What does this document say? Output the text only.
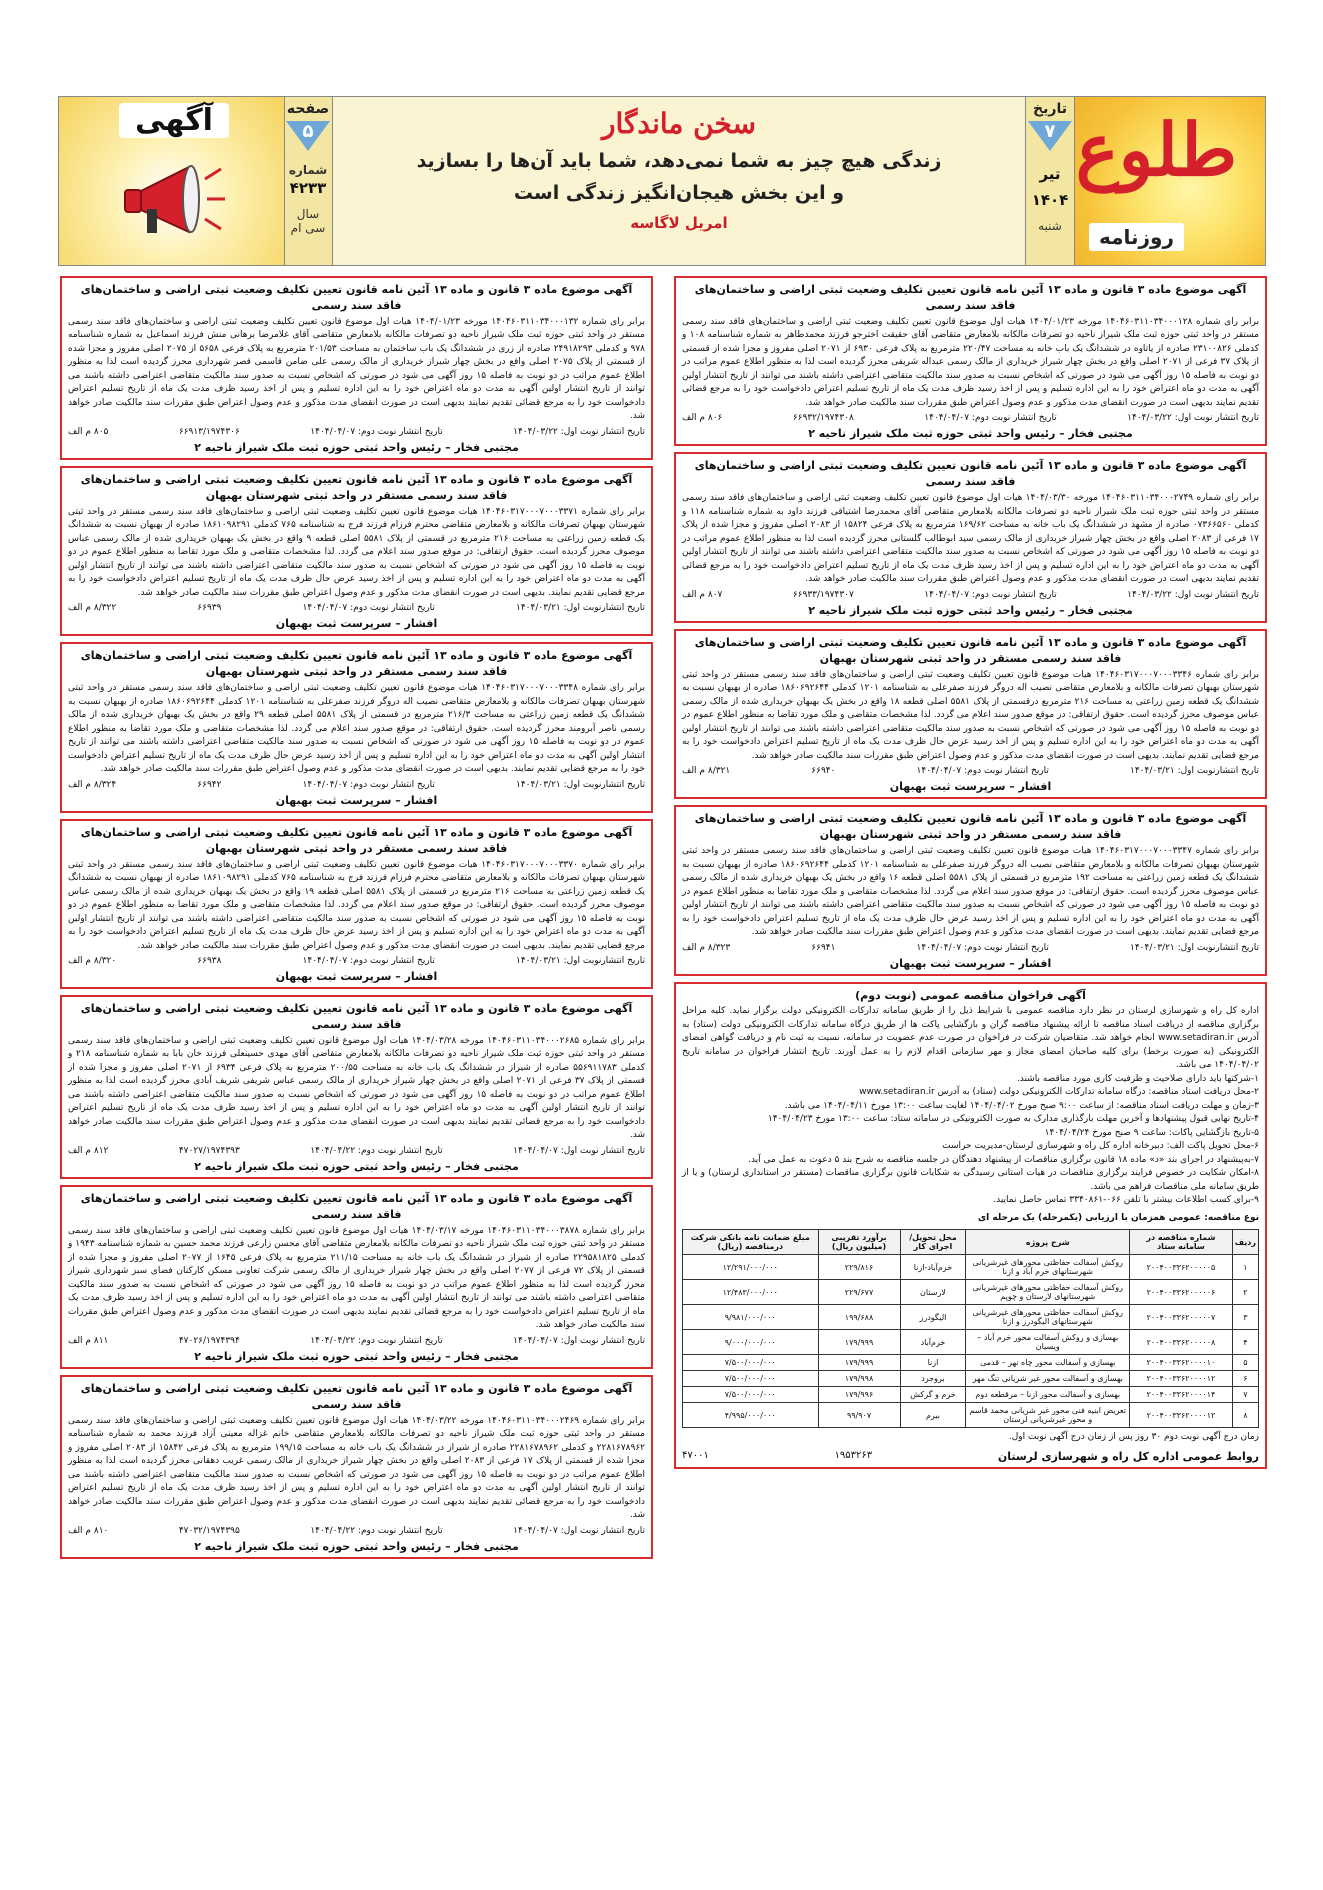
طلوع
روزنامه
تاریخ
۷
تیر
۱۴۰۴
شنبه
سخن ماندگار
زندگی هیچ چیز به شما نمی‌دهد، شما باید آن‌ها را بسازید
و این بخش هیجان‌انگیز زندگی است
امریل لاگاسه
صفحه
۵
شماره
۴۲۳۳
سال
سی ام
آگهی
آگهی موضوع ماده ۳ قانون و ماده ۱۳ آئین نامه قانون تعیین تکلیف وضعیت ثبتی اراضی و ساختمان‌های فاقد سند رسمی
برابر رای شماره ۱۴۰۴۶۰۳۱۱۰۳۴۰۰۰۱۲۸ مورخه ۱۴۰۴/۰۱/۲۳ هیات اول موضوع قانون تعیین تکلیف وضعیت ثبتی اراضی و ساختمان‌های فاقد سند رسمی مستقر در واحد ثبتی حوزه ثبت ملک شیراز ناحیه دو تصرفات مالکانه بلامعارض متقاضی آقای حقیقت اخترجو فرزند محمدطاهر به شماره شناسنامه ۱۰۸ و کدملی ۲۳۱۰۰۸۲۶ صادره از یاتاوه در ششدانگ یک باب خانه به مساحت ۲۲۰/۴۷ مترمربع به پلاک فرعی ۶۹۳۰ از ۲۰۷۱ اصلی مفروز و مجزا شده از قسمتی از پلاک ۳۷ فرعی از ۲۰۷۱ اصلی واقع در بخش چهار شیراز خریداری از مالک رسمی عبداله شریفی محرز گردیده است لذا به منظور اطلاع عموم مراتب در دو نوبت به فاصله ۱۵ روز آگهی می شود در صورتی که اشخاص نسبت به صدور سند مالکیت متقاضی اعتراضی داشته باشند می توانند از تاریخ انتشار اولین آگهی به مدت دو ماه اعتراض خود را به این اداره تسلیم و پس از اخذ رسید ظرف مدت یک ماه از تاریخ تسلیم اعتراض دادخواست خود را به مرجع قضائی تقدیم نمایند بدیهی است در صورت انقضای مدت مذکور و عدم وصول اعتراض طبق مقررات سند مالکیت صادر خواهد شد.
تاریخ انتشار نوبت اول: ۱۴۰۴/۰۳/۲۲
تاریخ انتشار نوبت دوم: ۱۴۰۴/۰۴/۰۷
۶۶۹۳۲/۱۹۷۴۳۰۸
۸۰۶ م الف
مجتبی فخار – رئیس واحد ثبتی حوزه ثبت ملک شیراز ناحیه ۲
آگهی موضوع ماده ۳ قانون و ماده ۱۳ آئین نامه قانون تعیین تکلیف وضعیت ثبتی اراضی و ساختمان‌های فاقد سند رسمی
برابر رای شماره ۱۴۰۴۶۰۳۱۱۰۳۴۰۰۰۲۷۴۹ مورخه ۱۴۰۴/۰۳/۳۰ هیات اول موضوع قانون تعیین تکلیف وضعیت ثبتی اراضی و ساختمان‌های فاقد سند رسمی مستقر در واحد ثبتی حوزه ثبت ملک شیراز ناحیه دو تصرفات مالکانه بلامعارض متقاضی آقای محمدرضا اشتیاقی فرزند داود به شماره شناسنامه ۱۱۸ و کدملی ۰۷۳۶۶۵۶۰ صادره از مشهد در ششدانگ یک باب خانه به مساحت ۱۶۹/۶۲ مترمربع به پلاک فرعی ۱۵۸۲۴ از ۲۰۸۳ اصلی مفروز و مجزا شده از پلاک ۱۷ فرعی از ۲۰۸۳ اصلی واقع در بخش چهار شیراز خریداری از مالک رسمی سید ابوطالب گلستانی محرز گردیده است لذا به منظور اطلاع عموم مراتب در دو نوبت به فاصله ۱۵ روز آگهی می شود در صورتی که اشخاص نسبت به صدور سند مالکیت متقاضی اعتراضی داشته باشند می توانند از تاریخ انتشار اولین آگهی به مدت دو ماه اعتراض خود را به این اداره تسلیم و پس از اخذ رسید ظرف مدت یک ماه از تاریخ تسلیم اعتراض دادخواست خود را به مرجع قضائی تقدیم نمایند بدیهی است در صورت انقضای مدت مذکور و عدم وصول اعتراض طبق مقررات سند مالکیت صادر خواهد شد.
تاریخ انتشار نوبت اول: ۱۴۰۴/۰۳/۲۲
تاریخ انتشار نوبت دوم: ۱۴۰۴/۰۴/۰۷
۶۶۹۳۳/۱۹۷۴۳۰۷
۸۰۷ م الف
مجتبی فخار – رئیس واحد ثبتی حوزه ثبت ملک شیراز ناحیه ۲
آگهی موضوع ماده ۳ قانون و ماده ۱۳ آئین نامه قانون تعیین تکلیف وضعیت ثبتی اراضی و ساختمان‌های فاقد سند رسمی مستقر در واحد ثبتی شهرستان بهبهان
برابر رای شماره ۱۴۰۴۶۰۳۱۷۰۰۰۷۰۰۰۳۳۴۶ هیات موضوع قانون تعیین تکلیف وضعیت ثبتی اراضی و ساختمان‌های فاقد سند رسمی مستقر در واحد ثبتی شهرستان بهبهان تصرفات مالکانه و بلامعارض متقاضی نصیب اله دروگر فرزند صفرعلی به شناسنامه ۱۲۰۱ کدملی ۱۸۶۰۶۹۲۶۴۴ صادره از بهبهان نسبت به ششدانگ یک قطعه زمین زراعتی به مساحت ۲۱۶ مترمربع درقسمتی از پلاک ۵۵۸۱ اصلی قطعه ۱۸ واقع در بخش یک بهبهان خریداری شده از مالک رسمی عباس موصوف محرز گردیده است. حقوق ارتفاقی: در موقع صدور سند اعلام می گردد. لذا مشخصات متقاضی و ملک مورد تقاضا به منظور اطلاع عموم در دو نوبت به فاصله ۱۵ روز آگهی می شود در صورتی که اشخاص نسبت به صدور سند مالکیت متقاضی اعتراضی داشته باشند می توانند از تاریخ انتشار اولین آگهی به مدت دو ماه اعتراض خود را به این اداره تسلیم و پس از اخذ رسید عرض حال ظرف مدت یک ماه از تاریخ تسلیم اعتراض دادخواست خود را به مرجع قضایی تقدیم نمایند. بدیهی است در صورت انقضای مدت مذکور و عدم وصول اعتراض طبق مقررات سند مالکیت صادر خواهد شد.
تاریخ انتشارنوبت اول: ۱۴۰۴/۰۳/۲۱
تاریخ انتشار نوبت دوم: ۱۴۰۴/۰۴/۰۷
۶۶۹۴۰
۸/۳۲۱ م الف
افشار – سرپرست ثبت بهبهان
آگهی موضوع ماده ۳ قانون و ماده ۱۳ آئین نامه قانون تعیین تکلیف وضعیت ثبتی اراضی و ساختمان‌های فاقد سند رسمی مستقر در واحد ثبتی شهرستان بهبهان
برابر رای شماره ۱۴۰۴۶۰۳۱۷۰۰۰۷۰۰۰۳۳۴۷ هیات موضوع قانون تعیین تکلیف وضعیت ثبتی اراضی و ساختمان‌های فاقد سند رسمی مستقر در واحد ثبتی شهرستان بهبهان تصرفات مالکانه و بلامعارض متقاضی نصیب اله دروگر فرزند صفرعلی به شناسنامه ۱۲۰۱ کدملی ۱۸۶۰۶۹۲۶۴۴ صادره از بهبهان نسبت به ششدانگ یک قطعه زمین زراعتی به مساحت ۱۹۲ مترمربع در قسمتی از پلاک ۵۵۸۱ اصلی قطعه ۱۶ واقع در بخش یک بهبهان خریداری شده از مالک رسمی عباس موصوف محرز گردیده است. حقوق ارتفاقی: در موقع صدور سند اعلام می گردد. لذا مشخصات متقاضی و ملک مورد تقاضا به منظور اطلاع عموم در دو نوبت به فاصله ۱۵ روز آگهی می شود در صورتی که اشخاص نسبت به صدور سند مالکیت متقاضی اعتراضی داشته باشند می توانند از تاریخ انتشار اولین آگهی به مدت دو ماه اعتراض خود را به این اداره تسلیم و پس از اخذ رسید عرض حال ظرف مدت یک ماه از تاریخ تسلیم اعتراض دادخواست خود را به مرجع قضایی تقدیم نمایند. بدیهی است در صورت انقضای مدت مذکور و عدم وصول اعتراض طبق مقررات سند مالکیت صادر خواهد شد.
تاریخ انتشارنوبت اول: ۱۴۰۴/۰۳/۲۱
تاریخ انتشار نوبت دوم: ۱۴۰۴/۰۴/۰۷
۶۶۹۴۱
۸/۳۲۳ م الف
افشار – سرپرست ثبت بهبهان
آگهی فراخوان مناقصه عمومی (نوبت دوم)
اداره کل راه و شهرسازی لرستان در نظر دارد مناقصه عمومی با شرایط ذیل را از طریق سامانه تدارکات الکترونیکی دولت برگزار نماید. کلیه مراحل برگزاری مناقصه از دریافت اسناد مناقصه تا ارائه پیشنهاد مناقصه گران و بازگشایی پاکت ها از طریق درگاه سامانه تدارکات الکترونیکی دولت (ستاد) به آدرس www.setadiran.ir انجام خواهد شد. متقاضیان شرکت در فراخوان در صورت عدم عضویت در سامانه، نسبت به ثبت نام و دریافت گواهی امضای الکترونیکی (به صورت برخط) برای کلیه صاحبان امضای مجاز و مهر سازمانی اقدام لازم را به عمل آورند. تاریخ انتشار فراخوان در سامانه تاریخ ۱۴۰۴/۰۴/۰۲ می باشد.
۱-شرکتها باید دارای صلاحیت و ظرفیت کاری مورد مناقصه باشند.
۲-محل دریافت اسناد مناقصه: درگاه سامانه تدارکات الکترونیکی دولت (ستاد) به آدرس www.setadiran.ir
۳-زمان و مهلت دریافت اسناد مناقصه: از ساعت ۹:۰۰ صبح مورخ ۱۴۰۴/۰۴/۰۲ لغایت ساعت ۱۳:۰۰ مورخ ۱۴۰۴/۰۴/۱۱ می باشد.
۴-تاریخ نهایی قبول پیشنهادها و آخرین مهلت بارگذاری مدارک به صورت الکترونیکی در سامانه ستاد: ساعت ۱۳:۰۰ مورخ ۱۴۰۴/۰۴/۲۳
۵-تاریخ بازگشایی پاکات: ساعت ۹ صبح مورخ ۱۴۰۴/۰۴/۲۴
۶-محل تحویل پاکت الف: دبیرخانه اداره کل راه و شهرسازی لرستان-مدیریت حراست
۷-به‌پیشنهاد در اجرای بند «د» ماده ۱۸ قانون برگزاری مناقصات از پیشنهاد دهندگان در جلسه مناقصه به شرح بند ۵ دعوت به عمل می آید.
۸-امکان شکایت در خصوص فرایند برگزاری مناقصات در هیات استانی رسیدگی به شکایات قانون برگزاری مناقصات (مستقر در استانداری لرستان) و یا از طریق سامانه ملی مناقصات فراهم می باشد.
۹-برای کسب اطلاعات بیشتر با تلفن ۰۶۶-۳۳۴۰۸۶۱ تماس حاصل نمایید.
نوع مناقصه: عمومی همزمان با ارزیابی (یکمرحله) یک مرحله ای
ردیف	شماره مناقصه در سامانه ستاد	شرح پروژه	محل تحویل/اجرای کار	برآورد تقریبی (میلیون ریال)	مبلغ ضمانت نامه بانکی شرکت درمناقصه (ریال)
۱	۲۰۰۴۰۰۳۳۶۲۰۰۰۰۰۵	روکش آسفالت حفاظتی محورهای غیرشریانی شهرستانهای خرم آباد و ازنا	خرم‌آباد-ازنا	۲۲۹/۸۱۶	۱۲/۲۹۱/۰۰۰/۰۰۰
۲	۲۰۰۴۰۰۳۳۶۲۰۰۰۰۰۶	روکش آسفالت حفاظتی محورهای غیرشریانی شهرستانهای لارستان و چوپم	لارستان	۲۲۹/۶۷۷	۱۲/۴۸۳/۰۰۰/۰۰۰
۳	۲۰۰۴۰۰۳۳۶۲۰۰۰۰۰۷	روکش آسفالت حفاظتی محورهای غیرشریانی شهرستانهای الیگودرز و ازنا	الیگودرز	۱۹۹/۶۸۸	۹/۹۸۱/۰۰۰/۰۰۰
۴	۲۰۰۴۰۰۳۳۶۲۰۰۰۰۰۸	بهسازی و روکش آسفالت محور خرم آباد – ویسیان	خرم‌آباد	۱۷۹/۹۹۹	۹/۰۰۰/۰۰۰/۰۰۰
۵	۲۰۰۴۰۰۳۳۶۲۰۰۰۰۱۰	بهسازی و آسفالت محور چاه نهر – قدمی	ازنا	۱۷۹/۹۹۹	۷/۵۰۰/۰۰۰/۰۰۰
۶	۲۰۰۴۰۰۳۳۶۲۰۰۰۰۱۲	بهسازی و آسفالت محور غیر شریانی تنگ مهر	بروجرد	۱۷۹/۹۹۸	۷/۵۰۰/۰۰۰/۰۰۰
۷	۲۰۰۴۰۰۳۳۶۲۰۰۰۰۱۴	بهسازی و آسفالت محور ازنا – مرقطعه دوم	خرم و گرکش	۱۷۹/۹۹۶	۷/۵۰۰/۰۰۰/۰۰۰
۸	۲۰۰۴۰۰۳۳۶۲۰۰۰۰۱۲	تعریض ابنیه فنی محور غیر شریانی محمد قاسم و محور غیرشریانی لرستان	بیرم	۹۹/۹۰۷	۴/۹۹۵/۰۰۰/۰۰۰
زمان درج آگهی نوبت دوم ۳۰ روز پس از زمان درج آگهی نوبت اول.
روابط عمومی اداره کل راه و شهرسازی لرستان
۱۹۵۳۲۶۳
۴۷۰۰۱
آگهی موضوع ماده ۳ قانون و ماده ۱۳ آئین نامه قانون تعیین تکلیف وضعیت ثبتی اراضی و ساختمان‌های فاقد سند رسمی
برابر رای شماره ۱۴۰۴۶۰۳۱۱۰۳۴۰۰۰۱۳۲ مورخه ۱۴۰۴/۰۱/۲۳ هیات اول موضوع قانون تعیین تکلیف وضعیت ثبتی اراضی و ساختمان‌های فاقد سند رسمی مستقر در واحد ثبتی حوزه ثبت ملک شیراز ناحیه دو تصرفات مالکانه بلامعارض متقاضی آقای غلامرضا برهانی منش فرزند اسماعیل به شماره شناسنامه ۹۷۸ و کدملی ۲۴۹۱۸۲۹۳ صادره از زری در ششدانگ یک باب ساختمان به مساحت ۲۰۱/۵۳ مترمربع به پلاک فرعی ۵۶۵۸ از ۲۰۷۵ اصلی مفروز و مجزا شده از قسمتی از پلاک ۲۰۷۵ اصلی واقع در بخش چهار شیراز خریداری از مالک رسمی علی ضامن قاسمی قصر شهرداری محرز گردیده است لذا به منظور اطلاع عموم مراتب در دو نوبت به فاصله ۱۵ روز آگهی می شود در صورتی که اشخاص نسبت به صدور سند مالکیت متقاضی اعتراضی داشته باشند می توانند از تاریخ انتشار اولین آگهی به مدت دو ماه اعتراض خود را به این اداره تسلیم و پس از اخذ رسید ظرف مدت یک ماه از تاریخ تسلیم اعتراض دادخواست خود را به مرجع قضائی تقدیم نمایند بدیهی است در صورت انقضای مدت مذکور و عدم وصول اعتراض طبق مقررات سند مالکیت صادر خواهد شد.
تاریخ انتشار نوبت اول: ۱۴۰۴/۰۳/۲۲
تاریخ انتشار نوبت دوم: ۱۴۰۴/۰۴/۰۷
۶۶۹۱۳/۱۹۷۴۳۰۶
۸۰۵ م الف
مجتبی فخار – رئیس واحد ثبتی حوزه ثبت ملک شیراز ناحیه ۲
آگهی موضوع ماده ۳ قانون و ماده ۱۳ آئین نامه قانون تعیین تکلیف وضعیت ثبتی اراضی و ساختمان‌های فاقد سند رسمی مستقر در واحد ثبتی شهرستان بهبهان
برابر رای شماره ۱۴۰۴۶۰۳۱۷۰۰۰۷۰۰۰۳۳۷۱ هیات موضوع قانون تعیین تکلیف وضعیت ثبتی اراضی و ساختمان‌های فاقد سند رسمی مستقر در واحد ثبتی شهرستان بهبهان تصرفات مالکانه و بلامعارض متقاضی محترم فرزام فرزند فرج به شناسنامه ۷۶۵ کدملی ۱۸۶۱۰۹۸۲۹۱ صادره از بهبهان نسبت به ششدانگ یک قطعه زمین زراعتی به مساحت ۲۱۶ مترمربع در قسمتی از پلاک ۵۵۸۱ اصلی قطعه ۹ واقع در بخش یک بهبهان خریداری شده از مالک رسمی عباس موصوف محرز گردیده است. حقوق ارتفاقی: در موقع صدور سند اعلام می گردد. لذا مشخصات متقاضی و ملک مورد تقاضا به منظور اطلاع عموم در دو نوبت به فاصله ۱۵ روز آگهی می شود در صورتی که اشخاص نسبت به صدور سند مالکیت متقاضی اعتراضی داشته باشند می توانند از تاریخ انتشار اولین آگهی به مدت دو ماه اعتراض خود را به این اداره تسلیم و پس از اخذ رسید عرض حال ظرف مدت یک ماه از تاریخ تسلیم اعتراض دادخواست خود را به مرجع قضایی تقدیم نمایند. بدیهی است در صورت انقضای مدت مذکور و عدم وصول اعتراض طبق مقررات سند مالکیت صادر خواهد شد.
تاریخ انتشارنوبت اول: ۱۴۰۴/۰۳/۲۱
تاریخ انتشار نوبت دوم: ۱۴۰۴/۰۴/۰۷
۶۶۹۳۹
۸/۳۲۲ م الف
افشار – سرپرست ثبت بهبهان
آگهی موضوع ماده ۳ قانون و ماده ۱۳ آئین نامه قانون تعیین تکلیف وضعیت ثبتی اراضی و ساختمان‌های فاقد سند رسمی مستقر در واحد ثبتی شهرستان بهبهان
برابر رای شماره ۱۴۰۴۶۰۳۱۷۰۰۰۷۰۰۰۳۳۴۸ هیات موضوع قانون تعیین تکلیف وضعیت ثبتی اراضی و ساختمان‌های فاقد سند رسمی مستقر در واحد ثبتی شهرستان بهبهان تصرفات مالکانه و بلامعارض متقاضی نصیب اله دروگر فرزند صفرعلی به شناسنامه ۱۲۰۱ کدملی ۱۸۶۰۶۹۲۶۴۴ صادره از بهبهان نسبت به ششدانگ یک قطعه زمین زراعتی به مساحت ۲۱۶/۳ مترمربع در قسمتی از پلاک ۵۵۸۱ اصلی قطعه ۲۹ واقع در بخش یک بهبهان خریداری شده از مالک رسمی ناصر آبرومند محرز گردیده است. حقوق ارتفاقی: در موقع صدور سند اعلام می گردد. لذا مشخصات متقاضی و ملک مورد تقاضا به منظور اطلاع عموم در دو نوبت به فاصله ۱۵ روز آگهی می شود در صورتی که اشخاص نسبت به صدور سند مالکیت متقاضی اعتراضی داشته باشند می توانند از تاریخ انتشار اولین آگهی به مدت دو ماه اعتراض خود را به این اداره تسلیم و پس از اخذ رسید عرض حال ظرف مدت یک ماه از تاریخ تسلیم اعتراض دادخواست خود را به مرجع قضایی تقدیم نمایند. بدیهی است در صورت انقضای مدت مذکور و عدم وصول اعتراض طبق مقررات سند مالکیت صادر خواهد شد.
تاریخ انتشارنوبت اول: ۱۴۰۴/۰۳/۲۱
تاریخ انتشار نوبت دوم: ۱۴۰۴/۰۴/۰۷
۶۶۹۴۲
۸/۳۲۴ م الف
افشار – سرپرست ثبت بهبهان
آگهی موضوع ماده ۳ قانون و ماده ۱۳ آئین نامه قانون تعیین تکلیف وضعیت ثبتی اراضی و ساختمان‌های فاقد سند رسمی مستقر در واحد ثبتی شهرستان بهبهان
برابر رای شماره ۱۴۰۴۶۰۳۱۷۰۰۰۷۰۰۰۳۳۷۰ هیات موضوع قانون تعیین تکلیف وضعیت ثبتی اراضی و ساختمان‌های فاقد سند رسمی مستقر در واحد ثبتی شهرستان بهبهان تصرفات مالکانه و بلامعارض متقاضی محترم فرزام فرزند فرج به شناسنامه ۷۶۵ کدملی ۱۸۶۱۰۹۸۲۹۱ صادره از بهبهان نسبت به ششدانگ یک قطعه زمین زراعتی به مساحت ۲۱۶ مترمربع در قسمتی از پلاک ۵۵۸۱ اصلی قطعه ۱۹ واقع در بخش یک بهبهان خریداری شده از مالک رسمی عباس موصوف محرز گردیده است. حقوق ارتفاقی: در موقع صدور سند اعلام می گردد. لذا مشخصات متقاضی و ملک مورد تقاضا به منظور اطلاع عموم در دو نوبت به فاصله ۱۵ روز آگهی می شود در صورتی که اشخاص نسبت به صدور سند مالکیت متقاضی اعتراضی داشته باشند می توانند از تاریخ انتشار اولین آگهی به مدت دو ماه اعتراض خود را به این اداره تسلیم و پس از اخذ رسید عرض حال ظرف مدت یک ماه از تاریخ تسلیم اعتراض دادخواست خود را به مرجع قضایی تقدیم نمایند. بدیهی است در صورت انقضای مدت مذکور و عدم وصول اعتراض طبق مقررات سند مالکیت صادر خواهد شد.
تاریخ انتشارنوبت اول: ۱۴۰۴/۰۳/۲۱
تاریخ انتشار نوبت دوم: ۱۴۰۴/۰۴/۰۷
۶۶۹۳۸
۸/۳۲۰ م الف
افشار – سرپرست ثبت بهبهان
آگهی موضوع ماده ۳ قانون و ماده ۱۳ آئین نامه قانون تعیین تکلیف وضعیت ثبتی اراضی و ساختمان‌های فاقد سند رسمی
برابر رای شماره ۱۴۰۴۶۰۳۱۱۰۳۴۰۰۰۲۶۸۵ مورخه ۱۴۰۴/۰۳/۲۸ هیات اول موضوع قانون تعیین تکلیف وضعیت ثبتی اراضی و ساختمان‌های فاقد سند رسمی مستقر در واحد ثبتی حوزه ثبت ملک شیراز ناحیه دو تصرفات مالکانه بلامعارض متقاضی آقای مهدی حسینعلی فرزند خان بابا به شماره شناسنامه ۲۱۸ و کدملی ۵۵۶۹۱۱۷۸۳ صادره از شیراز در ششدانگ یک باب خانه به مساحت ۲۰۰/۵۵ مترمربع به پلاک فرعی ۶۹۳۴ از ۲۰۷۱ اصلی مفروز و مجزا شده از قسمتی از پلاک ۳۷ فرعی از ۲۰۷۱ اصلی واقع در بخش چهار شیراز خریداری از مالک رسمی عباس شریفی شریف آبادی محرز گردیده است لذا به منظور اطلاع عموم مراتب در دو نوبت به فاصله ۱۵ روز آگهی می شود در صورتی که اشخاص نسبت به صدور سند مالکیت متقاضی اعتراضی داشته باشند می توانند از تاریخ انتشار اولین آگهی به مدت دو ماه اعتراض خود را به این اداره تسلیم و پس از اخذ رسید ظرف مدت یک ماه از تاریخ تسلیم اعتراض دادخواست خود را به مرجع قضائی تقدیم نمایند بدیهی است در صورت انقضای مدت مذکور و عدم وصول اعتراض طبق مقررات سند مالکیت صادر خواهد شد.
تاریخ انتشار نوبت اول: ۱۴۰۴/۰۴/۰۷
تاریخ انتشار نوبت دوم: ۱۴۰۴/۰۴/۲۲
۴۷۰۲۷/۱۹۷۴۳۹۳
۸۱۲ م الف
مجتبی فخار – رئیس واحد ثبتی حوزه ثبت ملک شیراز ناحیه ۲
آگهی موضوع ماده ۳ قانون و ماده ۱۳ آئین نامه قانون تعیین تکلیف وضعیت ثبتی اراضی و ساختمان‌های فاقد سند رسمی
برابر رای شماره ۱۴۰۴۶۰۳۱۱۰۳۴۰۰۰۳۸۷۸ مورخه ۱۴۰۴/۰۳/۱۷ هیات اول موضوع قانون تعیین تکلیف وضعیت ثبتی اراضی و ساختمان‌های فاقد سند رسمی مستقر در واحد ثبتی حوزه ثبت ملک شیراز ناحیه دو تصرفات مالکانه بلامعارض متقاضی آقای محسن زارعی فرزند محمد حسین به شماره شناسنامه ۱۹۴۳ و کدملی ۲۲۹۵۸۱۸۲۵ صادره از شیراز در ششدانگ یک باب خانه به مساحت ۲۱۱/۱۵ مترمربع به پلاک فرعی ۱۶۴۵ از ۲۰۷۷ اصلی مفروز و مجزا شده از قسمتی از پلاک ۷۲ فرعی از ۲۰۷۷ اصلی واقع در بخش چهار شیراز خریداری از مالک رسمی شرکت تعاونی مسکن کارکنان فضای سبز شهرداری شیراز محرز گردیده است لذا به منظور اطلاع عموم مراتب در دو نوبت به فاصله ۱۵ روز آگهی می شود در صورتی که اشخاص نسبت به صدور سند مالکیت متقاضی اعتراضی داشته باشند می توانند از تاریخ انتشار اولین آگهی به مدت دو ماه اعتراض خود را به این اداره تسلیم و پس از اخذ رسید ظرف مدت یک ماه از تاریخ تسلیم اعتراض دادخواست خود را به مرجع قضائی تقدیم نمایند بدیهی است در صورت انقضای مدت مذکور و عدم وصول اعتراض طبق مقررات سند مالکیت صادر خواهد شد.
تاریخ انتشار نوبت اول: ۱۴۰۴/۰۴/۰۷
تاریخ انتشار نوبت دوم: ۱۴۰۴/۰۴/۲۲
۴۷۰۲۶/۱۹۷۴۳۹۴
۸۱۱ م الف
مجتبی فخار – رئیس واحد ثبتی حوزه ثبت ملک شیراز ناحیه ۲
آگهی موضوع ماده ۳ قانون و ماده ۱۳ آئین نامه قانون تعیین تکلیف وضعیت ثبتی اراضی و ساختمان‌های فاقد سند رسمی
برابر رای شماره ۱۴۰۴۶۰۳۱۱۰۳۴۰۰۰۲۴۶۹ مورخه ۱۴۰۴/۰۳/۲۲ هیات اول موضوع قانون تعیین تکلیف وضعیت ثبتی اراضی و ساختمان‌های فاقد سند رسمی مستقر در واحد ثبتی حوزه ثبت ملک شیراز ناحیه دو تصرفات مالکانه بلامعارض متقاضی خانم غزاله معینی آزاد فرزند محمد به شماره شناسنامه ۲۲۸۱۶۷۸۹۶۲ و کدملی ۲۲۸۱۶۷۸۹۶۲ صادره از شیراز در ششدانگ یک باب خانه به مساحت ۱۹۹/۱۵ مترمربع به پلاک فرعی ۱۵۸۴۲ از ۲۰۸۳ اصلی مفروز و مجزا شده از قسمتی از پلاک ۱۷ فرعی از ۲۰۸۳ اصلی واقع در بخش چهار شیراز خریداری از مالک رسمی غریب دهقانی محرز گردیده است لذا به منظور اطلاع عموم مراتب در دو نوبت به فاصله ۱۵ روز آگهی می شود در صورتی که اشخاص نسبت به صدور سند مالکیت متقاضی اعتراضی داشته باشند می توانند از تاریخ انتشار اولین آگهی به مدت دو ماه اعتراض خود را به این اداره تسلیم و پس از اخذ رسید ظرف مدت یک ماه از تاریخ تسلیم اعتراض دادخواست خود را به مرجع قضائی تقدیم نمایند بدیهی است در صورت انقضای مدت مذکور و عدم وصول اعتراض طبق مقررات سند مالکیت صادر خواهد شد.
تاریخ انتشار نوبت اول: ۱۴۰۴/۰۴/۰۷
تاریخ انتشار نوبت دوم: ۱۴۰۴/۰۴/۲۲
۴۷۰۳۲/۱۹۷۴۳۹۵
۸۱۰ م الف
مجتبی فخار – رئیس واحد ثبتی حوزه ثبت ملک شیراز ناحیه ۲
